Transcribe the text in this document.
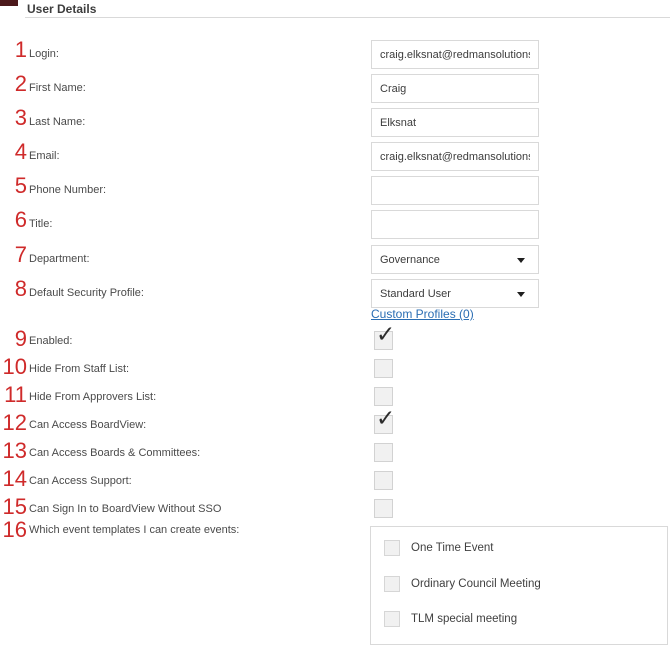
User Details
1 Login:
craig.elksnat@redmansolutions.com
2 First Name:
Craig
3 Last Name:
Elksnat
4 Email:
craig.elksnat@redmansolutions.com
5 Phone Number:
6 Title:
7 Department:	Governance
8 Default Security Profile:	Standard User
Custom Profiles (0)
9 Enabled:	✓
10 Hide From Staff List:
11 Hide From Approvers List:
12 Can Access BoardView:	✓
13 Can Access Boards & Committees:
14 Can Access Support:
15 Can Sign In to BoardView Without SSO
16 Which event templates I can create events:
One Time Event
Ordinary Council Meeting
TLM special meeting
